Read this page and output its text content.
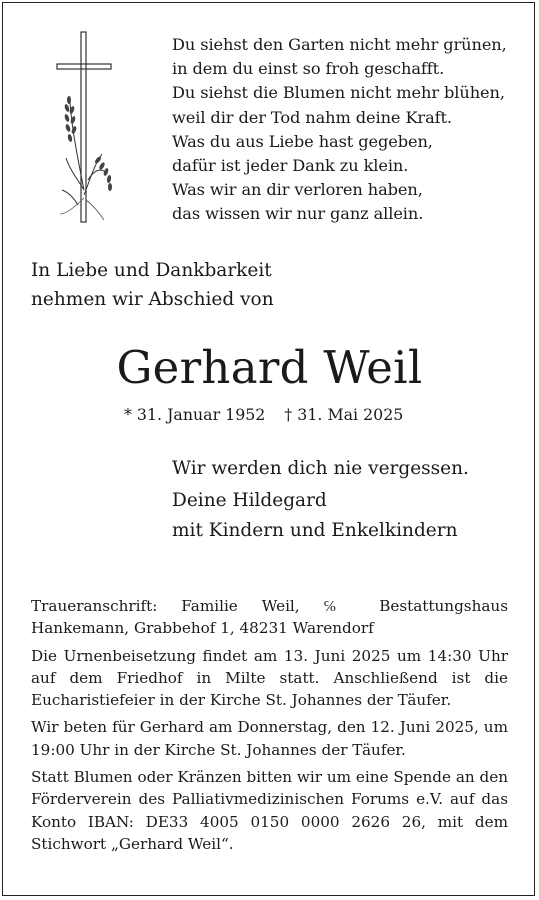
Du siehst den Garten nicht mehr grünen,
in dem du einst so froh geschafft.
Du siehst die Blumen nicht mehr blühen,
weil dir der Tod nahm deine Kraft.
Was du aus Liebe hast gegeben,
dafür ist jeder Dank zu klein.
Was wir an dir verloren haben,
das wissen wir nur ganz allein.
In Liebe und Dankbarkeit
nehmen wir Abschied von
Gerhard Weil
* 31. Januar 1952 † 31. Mai 2025
Wir werden dich nie vergessen.
Deine Hildegard
mit Kindern und Enkelkindern

Traueranschrift: Familie Weil, ℅ Bestattungshaus Hankemann, Grabbehof 1, 48231 Warendorf

Die Urnenbeisetzung findet am 13. Juni 2025 um 14:30 Uhr auf dem Friedhof in Milte statt. Anschließend ist die Eucharistiefeier in der Kirche St. Johannes der Täufer.

Wir beten für Gerhard am Donnerstag, den 12. Juni 2025, um 19:00 Uhr in der Kirche St. Johannes der Täufer.

Statt Blumen oder Kränzen bitten wir um eine Spende an den Förderverein des Palliativmedizinischen Forums e.V. auf das Konto IBAN: DE33 4005 0150 0000 2626 26, mit dem Stichwort „Gerhard Weil“.
